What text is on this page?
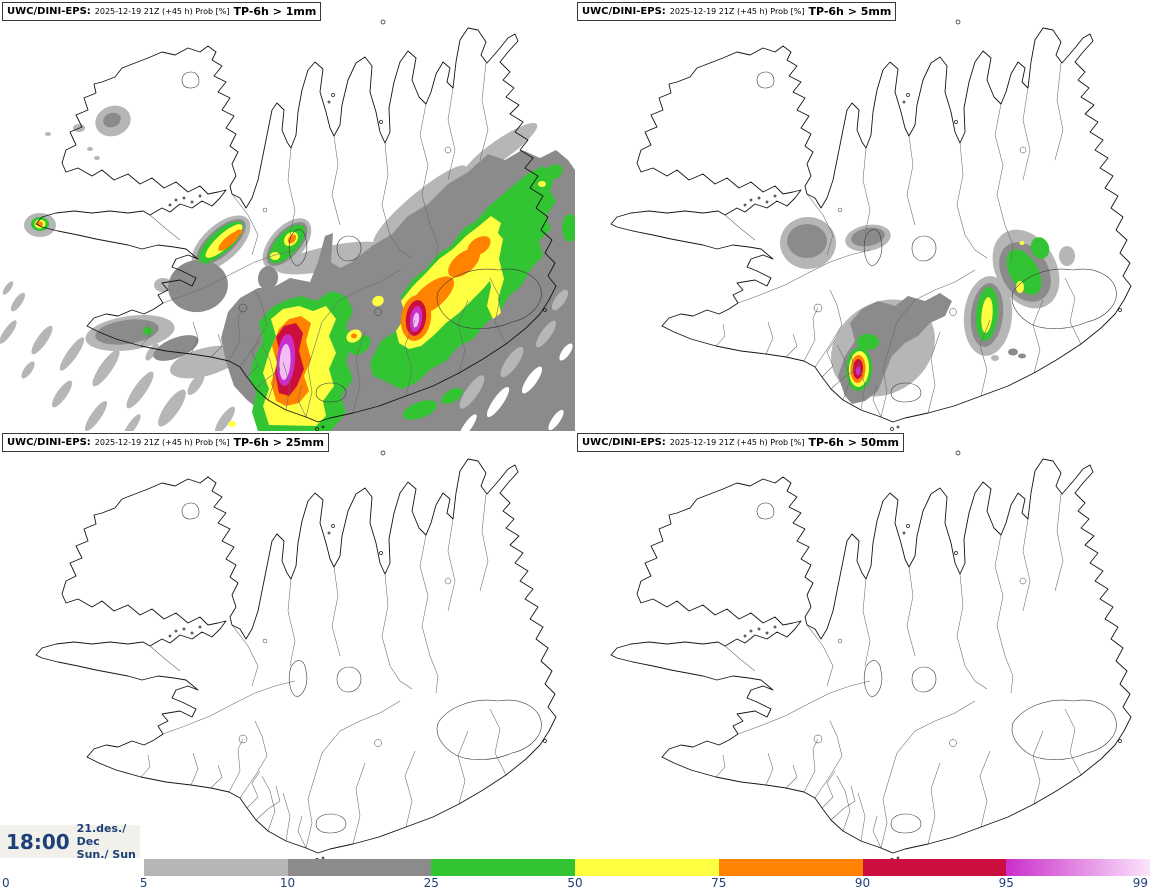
UWC/DINI-EPS: 2025-12-19 21Z (+45 h) Prob [%] TP-6h > 1mm	UWC/DINI-EPS: 2025-12-19 21Z (+45 h) Prob [%] TP-6h > 5mm
UWC/DINI-EPS: 2025-12-19 21Z (+45 h) Prob [%] TP-6h > 25mm	UWC/DINI-EPS: 2025-12-19 21Z (+45 h) Prob [%] TP-6h > 50mm
18:00
21.des./ Dec
Sun./ Sun
0	5	10	25	50	75	90	95	99
